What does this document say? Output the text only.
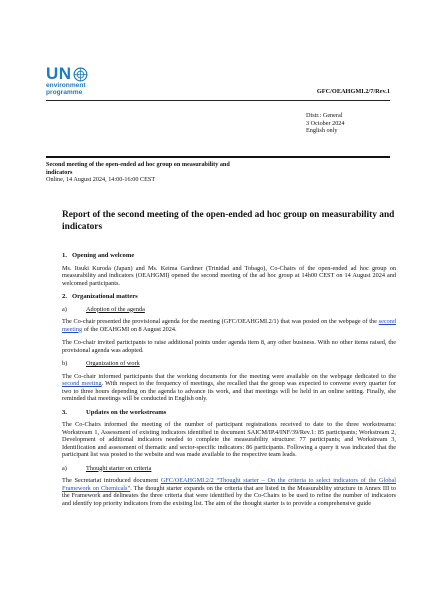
UN
environment
programme	GFC/OEAHGMI.2/7/Rev.1
Distr.: General
3 October 2024
English only
Second meeting of the open-ended ad hoc group on measurability and indicators
Online, 14 August 2024, 14:00-16:00 CEST
Report of the second meeting of the open-ended ad hoc group on measurability and indicators
1. Opening and welcome

Ms. Itsuki Kuroda (Japan) and Ms. Keima Gardiner (Trinidad and Tobago), Co-Chairs of the open-ended ad hoc group on measurability and indicators (OEAHGMI) opened the second meeting of the ad hoc group at 14h00 CEST on 14 August 2024 and welcomed participants.

2. Organizational matters
a)	Adoption of the agenda

The Co-chair presented the provisional agenda for the meeting (GFC/OEAHGMI.2/1) that was posted on the webpage of the second meeting of the OEAHGMI on 8 August 2024.

The Co-chair invited participants to raise additional points under agenda item 8, any other business. With no other items raised, the provisional agenda was adopted.

b)	Organization of work

The Co-chair informed participants that the working documents for the meeting were available on the webpage dedicated to the second meeting. With respect to the frequency of meetings, she recalled that the group was expected to convene every quarter for two to three hours depending on the agenda to advance its work, and that meetings will be held in an online setting. Finally, she reminded that meetings will be conducted in English only.

3.	Updates on the workstreams

The Co-Chairs informed the meeting of the number of participant registrations received to date to the three workstreams: Workstream 1, Assessment of existing indicators identified in document SAICM/IP.4/INF/39/Rev.1: 85 participants; Workstream 2, Development of additional indicators needed to complete the measurability structure: 77 participants; and Workstream 3, Identification and assessment of thematic and sector-specific indicators: 86 participants. Following a query it was indicated that the participant list was posted to the website and was made available to the respective team leads.

a)	Thought starter on criteria

The Secretariat introduced document GFC/OEAHGMI.2/2 “Thought starter – On the criteria to select indicators of the Global Framework on Chemicals”. The thought starter expands on the criteria that are listed in the Measurability structure in Annex III to the Framework and delineates the three criteria that were identified by the Co-Chairs to be used to refine the number of indicators and identify top priority indicators from the existing list. The aim of the thought starter is to provide a comprehensive guide
